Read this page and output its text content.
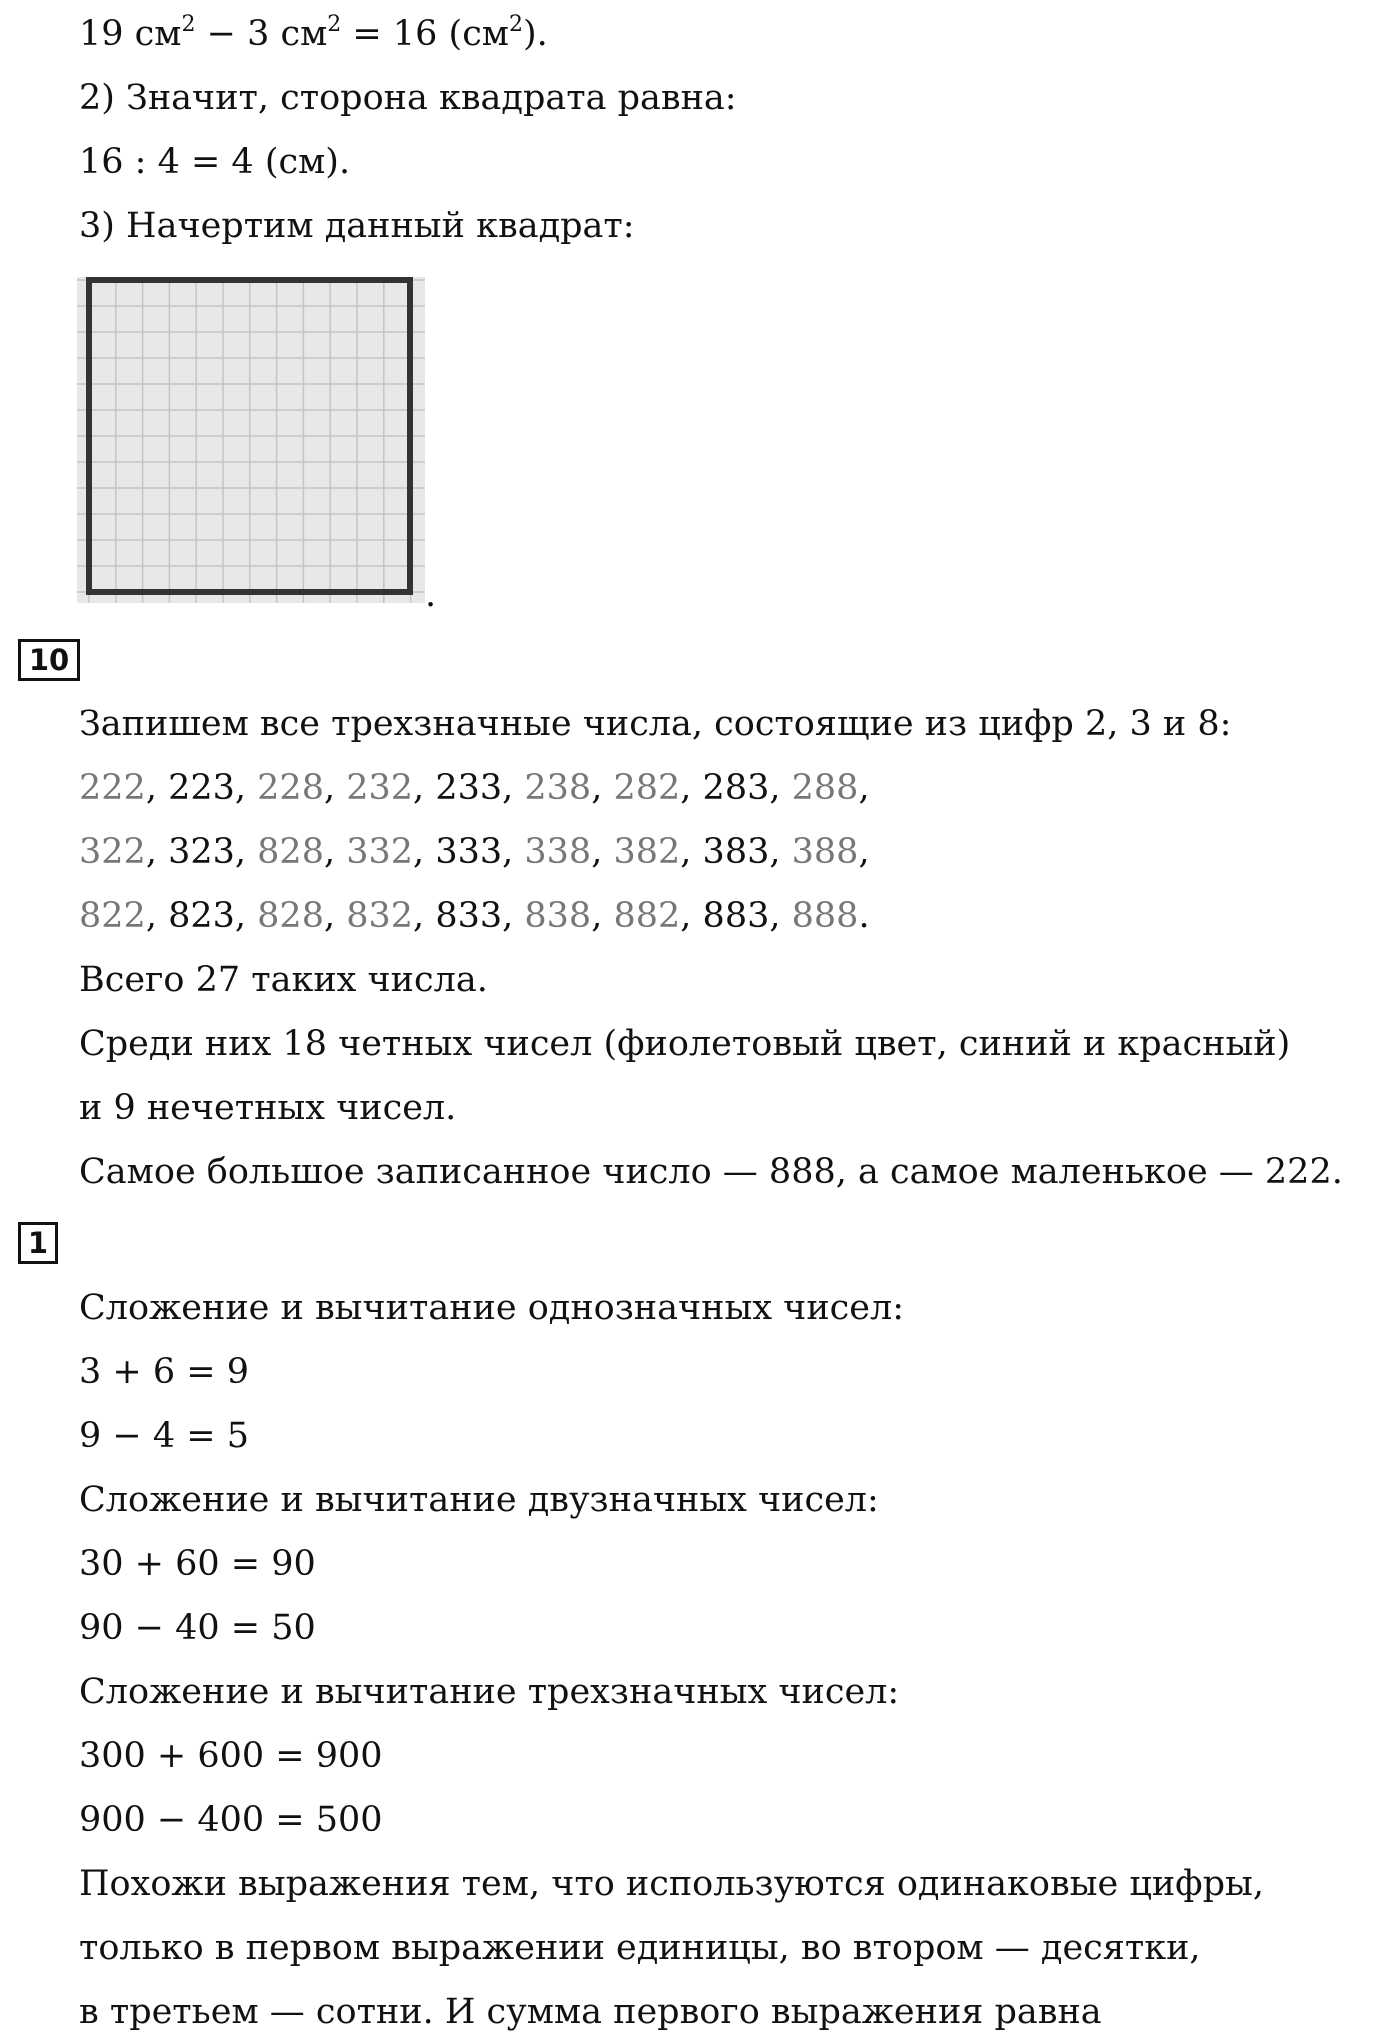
19 $см^2 - 3$ $см^2 = 16$ $(см^2)$.
2) Значит, сторона квадрата равна:
16 : 4 = 4 (см).
3) Начертим данный квадрат:
.
10
Запишем все трехзначные числа, состоящие из цифр 2, 3 и 8:
222, 223, 228, 232, 233, 238, 282, 283, 288,
322, 323, 828, 332, 333, 338, 382, 383, 388,
822, 823, 828, 832, 833, 838, 882, 883, 888.
Всего 27 таких числа.
Среди них 18 четных чисел (фиолетовый цвет, синий и красный)
и 9 нечетных чисел.
Самое большое записанное число — 888, а самое маленькое — 222.
1
Сложение и вычитание однозначных чисел:
3 + 6 = 9
9 − 4 = 5
Сложение и вычитание двузначных чисел:
30 + 60 = 90
90 − 40 = 50
Сложение и вычитание трехзначных чисел:
300 + 600 = 900
900 − 400 = 500
Похожи выражения тем, что используются одинаковые цифры,
только в первом выражении единицы, во втором — десятки,
в третьем — сотни. И сумма первого выражения равна
